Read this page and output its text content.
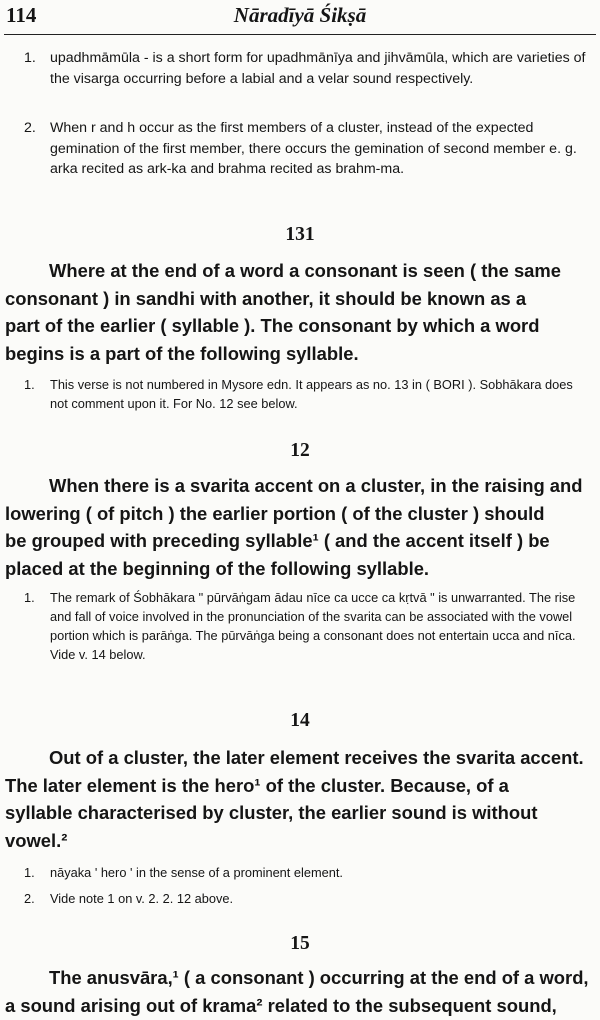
114	Nāradīyā Śikṣā
1. upadhmāmūla - is a short form for upadhmānīya and jihvāmūla, which are varieties of the visarga occurring before a labial and a velar sound respectively.
2. When r and h occur as the first members of a cluster, instead of the expected gemination of the first member, there occurs the gemination of second member e. g. arka recited as ark-ka and brahma recited as brahm-ma.
131
Where at the end of a word a consonant is seen ( the same
consonant ) in sandhi with another, it should be known as a
part of the earlier ( syllable ). The consonant by which a word
begins is a part of the following syllable.
1. This verse is not numbered in Mysore edn. It appears as no. 13 in ( BORI ). Sobhākara does not comment upon it. For No. 12 see below.
12
When there is a svarita accent on a cluster, in the raising and
lowering ( of pitch ) the earlier portion ( of the cluster ) should
be grouped with preceding syllable¹ ( and the accent itself ) be
placed at the beginning of the following syllable.
1. The remark of Śobhākara " pūrvāṅgam ādau nīce ca ucce ca kṛtvā " is unwarranted. The rise and fall of voice involved in the pronunciation of the svarita can be associated with the vowel portion which is parāṅga. The pūrvāṅga being a consonant does not entertain ucca and nīca. Vide v. 14 below.
14
Out of a cluster, the later element receives the svarita accent.
The later element is the hero¹ of the cluster. Because, of a
syllable characterised by cluster, the earlier sound is without
vowel.²
1. nāyaka ' hero ' in the sense of a prominent element.
2. Vide note 1 on v. 2. 2. 12 above.
15
The anusvāra,¹ ( a consonant ) occurring at the end of a word,
a sound arising out of krama² related to the subsequent sound,
